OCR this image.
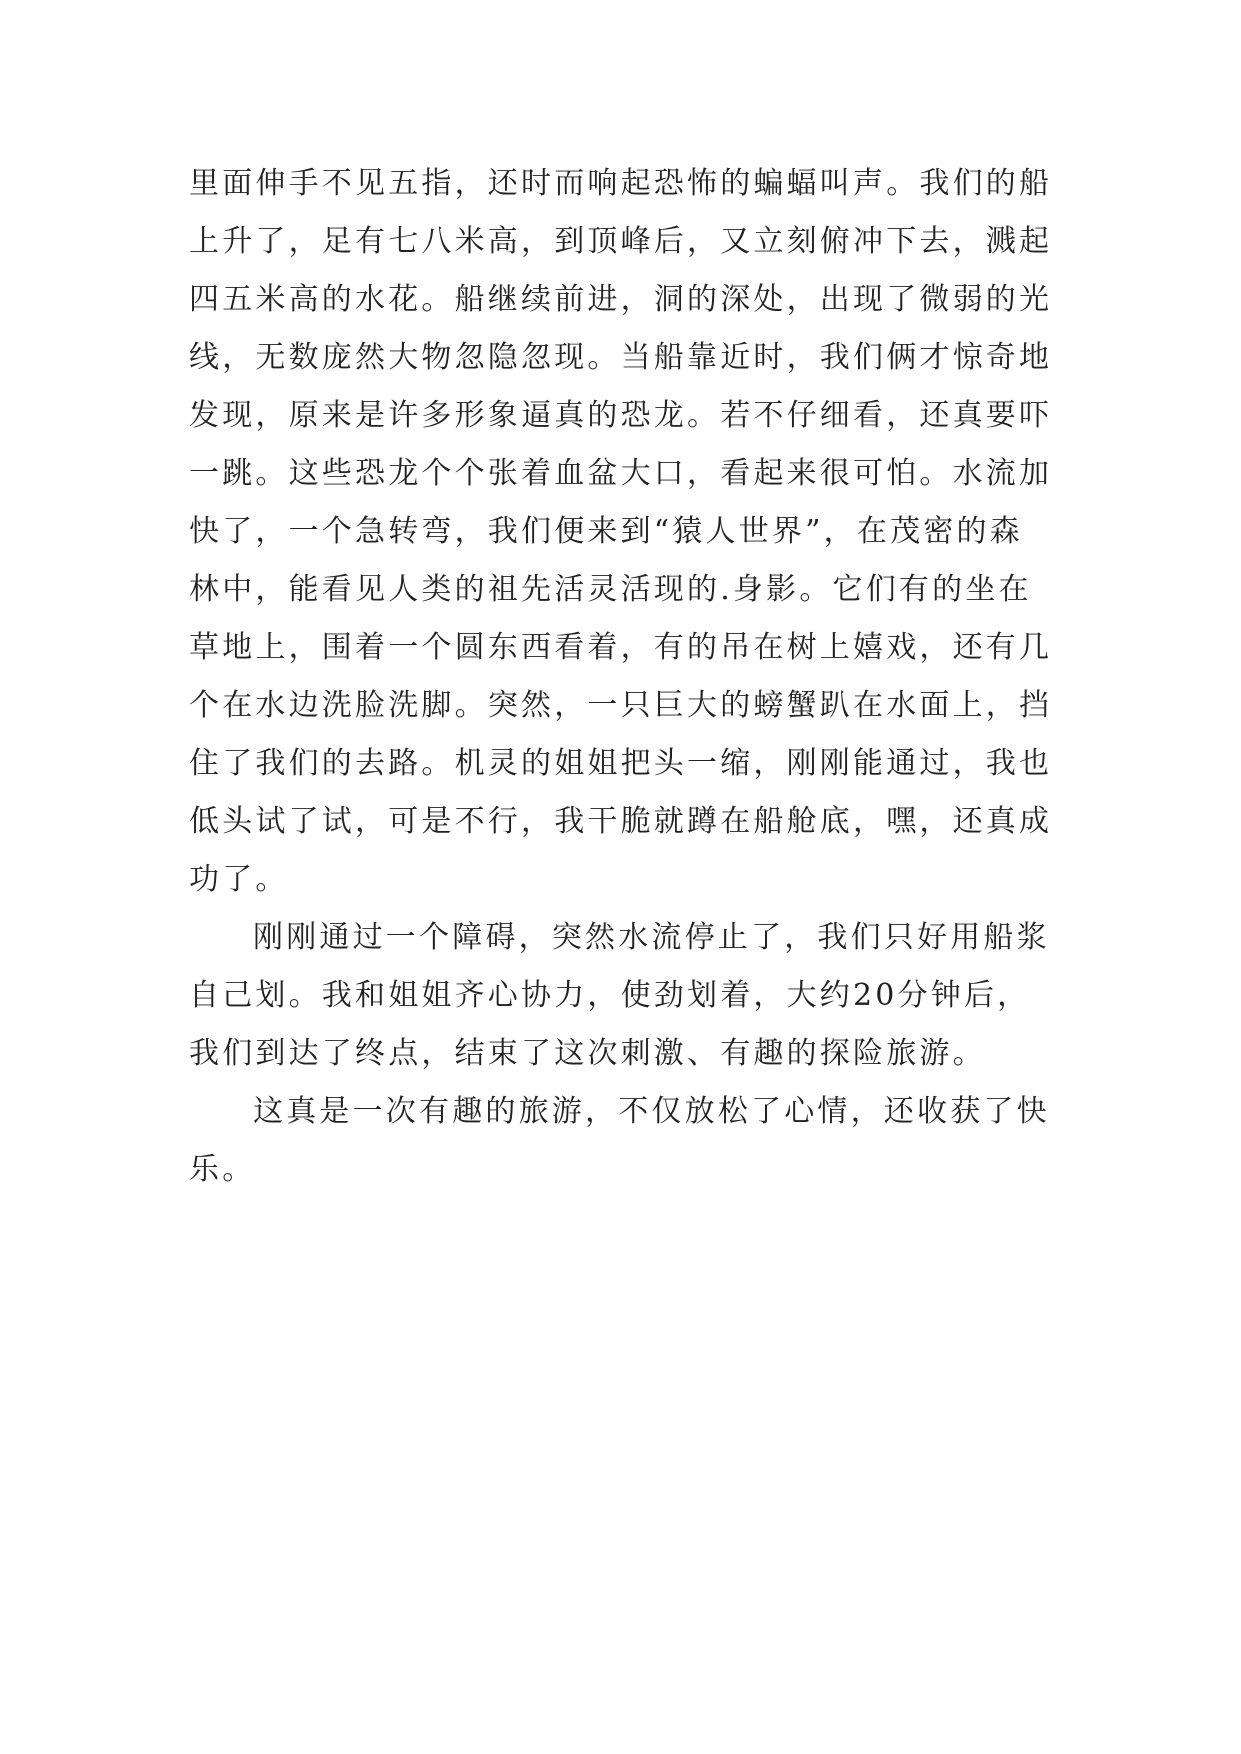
里面伸手不见五指，还时而响起恐怖的蝙蝠叫声。我们的船
上升了，足有七八米高，到顶峰后，又立刻俯冲下去，溅起
四五米高的水花。船继续前进，洞的深处，出现了微弱的光
线，无数庞然大物忽隐忽现。当船靠近时，我们俩才惊奇地
发现，原来是许多形象逼真的恐龙。若不仔细看，还真要吓
一跳。这些恐龙个个张着血盆大口，看起来很可怕。水流加
快了，一个急转弯，我们便来到“猿人世界”，在茂密的森
林中，能看见人类的祖先活灵活现的.身影。它们有的坐在
草地上，围着一个圆东西看着，有的吊在树上嬉戏，还有几
个在水边洗脸洗脚。突然，一只巨大的螃蟹趴在水面上，挡
住了我们的去路。机灵的姐姐把头一缩，刚刚能通过，我也
低头试了试，可是不行，我干脆就蹲在船舱底，嘿，还真成
功了。
刚刚通过一个障碍，突然水流停止了，我们只好用船浆
自己划。我和姐姐齐心协力，使劲划着，大约20分钟后，
我们到达了终点，结束了这次刺激、有趣的探险旅游。
这真是一次有趣的旅游，不仅放松了心情，还收获了快
乐。
